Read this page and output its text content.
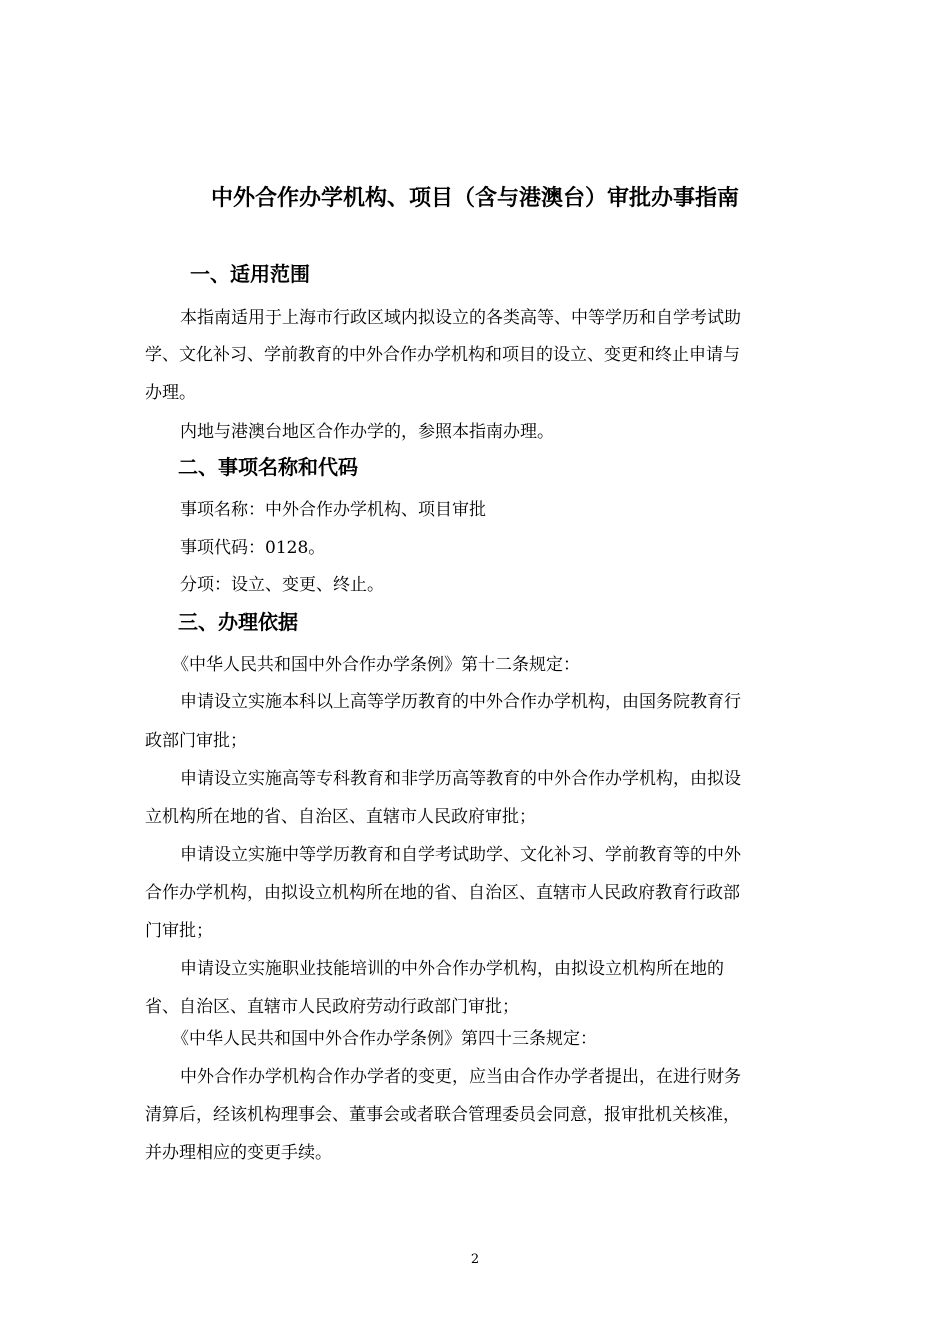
中外合作办学机构、项目（含与港澳台）审批办事指南
一、适用范围
本指南适用于上海市行政区域内拟设立的各类高等、中等学历和自学考试助
学、文化补习、学前教育的中外合作办学机构和项目的设立、变更和终止申请与
办理。
内地与港澳台地区合作办学的，参照本指南办理。
二、事项名称和代码
事项名称：中外合作办学机构、项目审批
事项代码：0128。
分项：设立、变更、终止。
三、办理依据
《中华人民共和国中外合作办学条例》第十二条规定：
申请设立实施本科以上高等学历教育的中外合作办学机构，由国务院教育行
政部门审批；
申请设立实施高等专科教育和非学历高等教育的中外合作办学机构，由拟设
立机构所在地的省、自治区、直辖市人民政府审批；
申请设立实施中等学历教育和自学考试助学、文化补习、学前教育等的中外
合作办学机构，由拟设立机构所在地的省、自治区、直辖市人民政府教育行政部
门审批；
申请设立实施职业技能培训的中外合作办学机构，由拟设立机构所在地的
省、自治区、直辖市人民政府劳动行政部门审批；
《中华人民共和国中外合作办学条例》第四十三条规定：
中外合作办学机构合作办学者的变更，应当由合作办学者提出，在进行财务
清算后，经该机构理事会、董事会或者联合管理委员会同意，报审批机关核准，
并办理相应的变更手续。
2
